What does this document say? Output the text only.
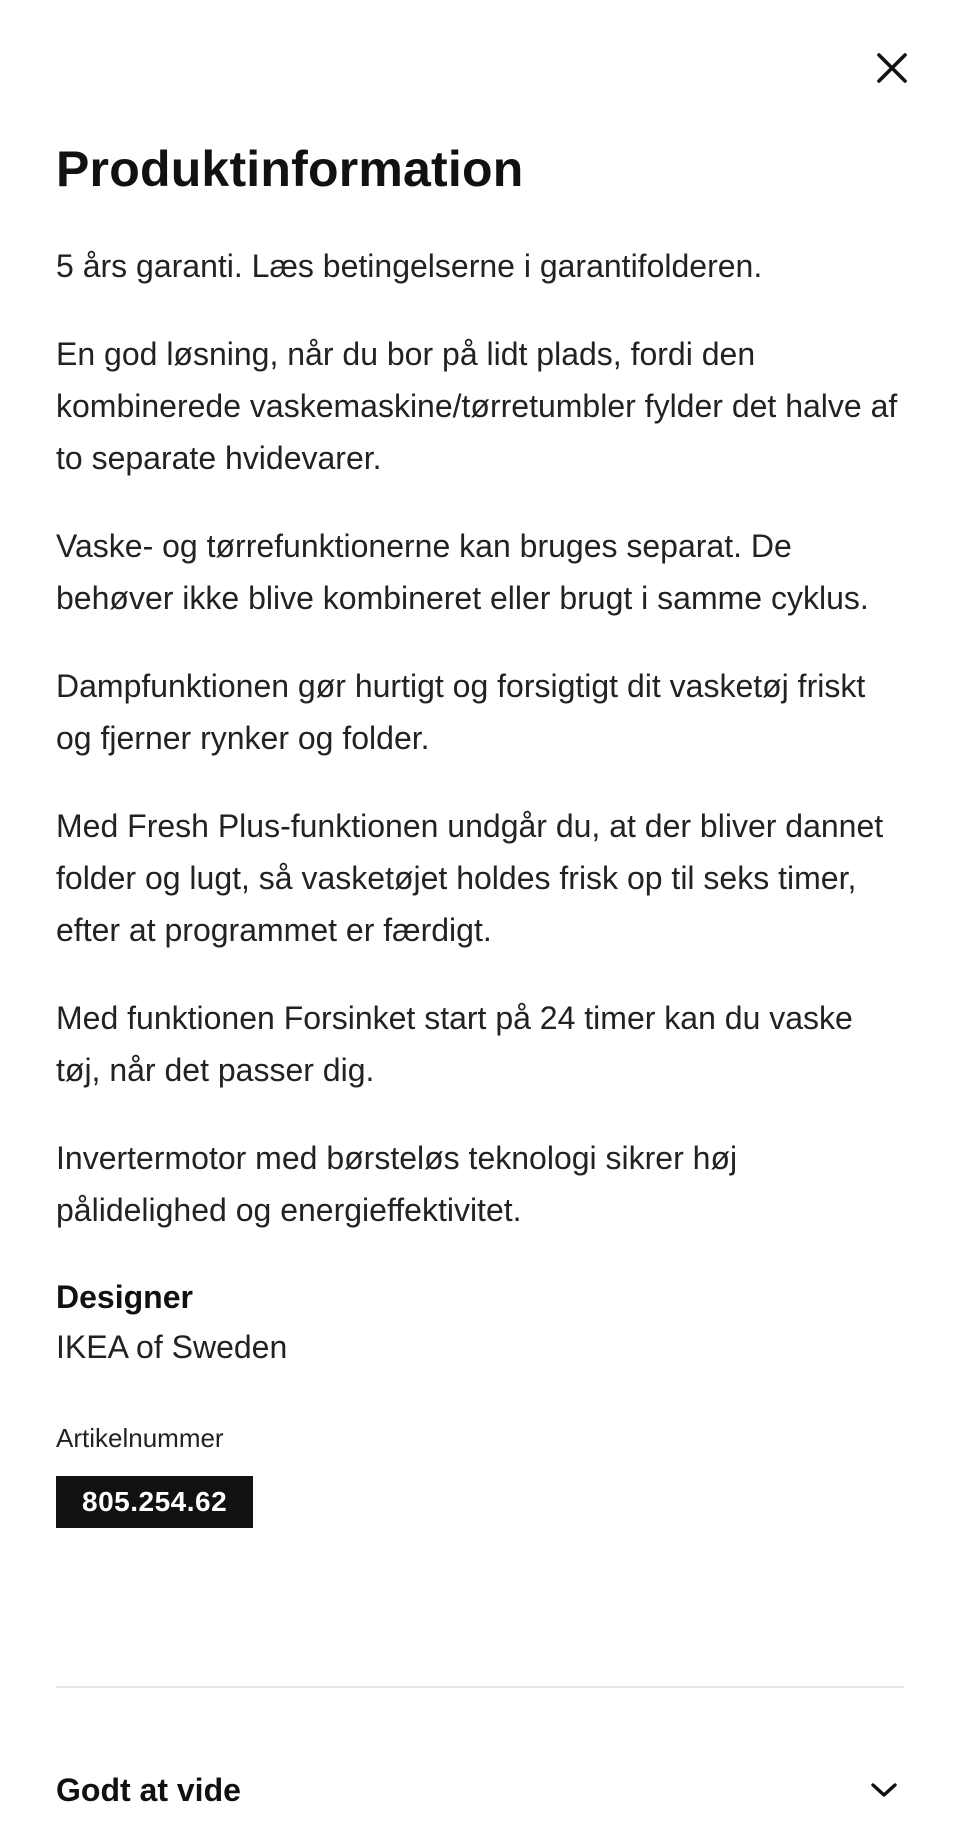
Produktinformation

5 års garanti. Læs betingelserne i garantifolderen.

En god løsning, når du bor på lidt plads, fordi den kombinerede vaskemaskine/tørretumbler fylder det halve af to separate hvidevarer.

Vaske- og tørrefunktionerne kan bruges separat. De behøver ikke blive kombineret eller brugt i samme cyklus.

Dampfunktionen gør hurtigt og forsigtigt dit vasketøj friskt og fjerner rynker og folder.

Med Fresh Plus-funktionen undgår du, at der bliver dannet folder og lugt, så vasketøjet holdes frisk op til seks timer, efter at programmet er færdigt.

Med funktionen Forsinket start på 24 timer kan du vaske tøj, når det passer dig.

Invertermotor med børsteløs teknologi sikrer høj pålidelighed og energieffektivitet.

Designer
IKEA of Sweden
Artikelnummer
805.254.62
Godt at vide
